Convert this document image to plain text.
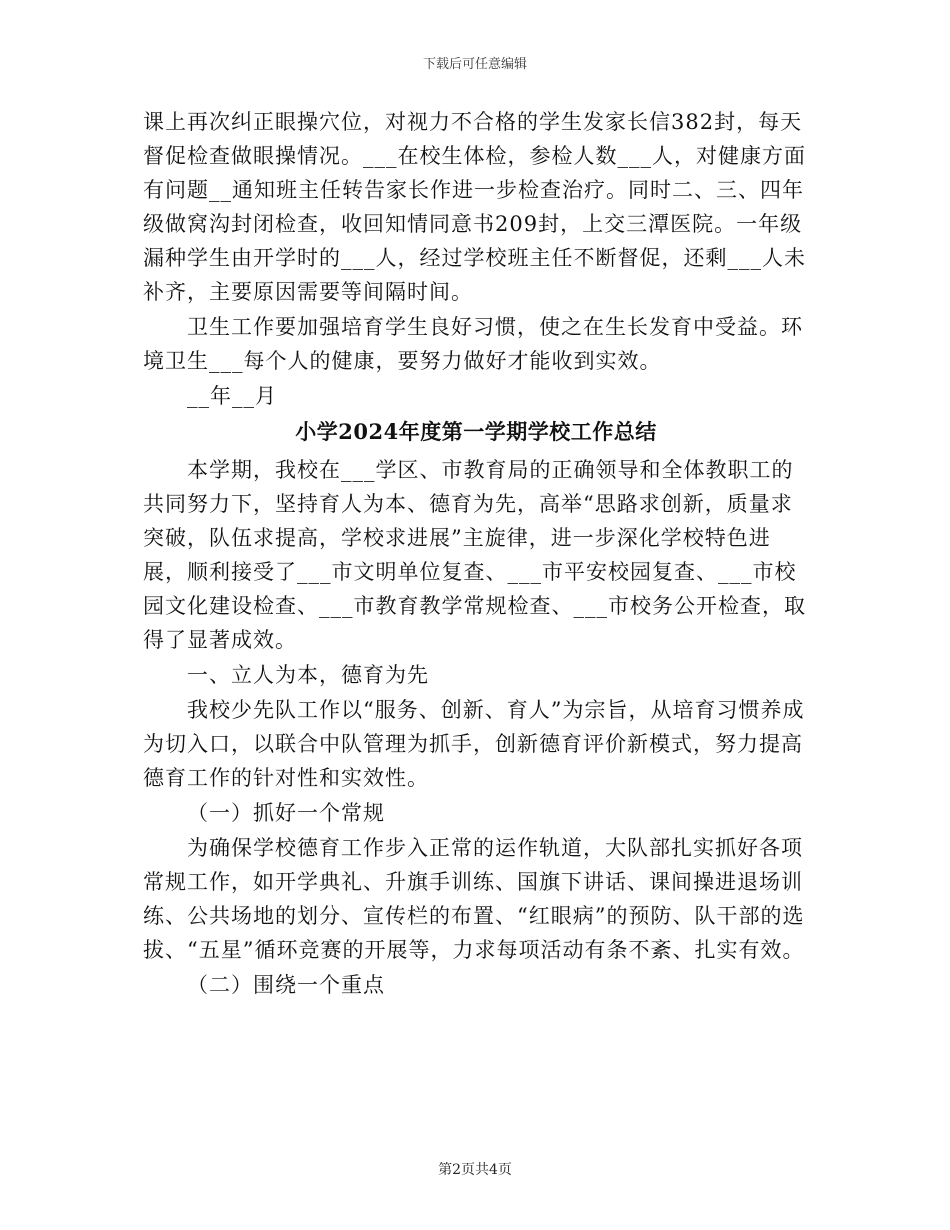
下载后可任意编辑

课上再次纠正眼操穴位，对视力不合格的学生发家长信382封，每天督促检查做眼操情况。___在校生体检，参检人数___人，对健康方面有问题__通知班主任转告家长作进一步检查治疗。同时二、三、四年级做窝沟封闭检查，收回知情同意书209封，上交三潭医院。一年级漏种学生由开学时的___人，经过学校班主任不断督促，还剩___人未补齐，主要原因需要等间隔时间。

卫生工作要加强培育学生良好习惯，使之在生长发育中受益。环境卫生___每个人的健康，要努力做好才能收到实效。

__年__月

小学2024年度第一学期学校工作总结

本学期，我校在___学区、市教育局的正确领导和全体教职工的共同努力下，坚持育人为本、德育为先，高举“思路求创新，质量求突破，队伍求提高，学校求进展”主旋律，进一步深化学校特色进展，顺利接受了___市文明单位复查、___市平安校园复查、___市校园文化建设检查、___市教育教学常规检查、___市校务公开检查，取得了显著成效。

一、立人为本，德育为先

我校少先队工作以“服务、创新、育人”为宗旨，从培育习惯养成为切入口，以联合中队管理为抓手，创新德育评价新模式，努力提高德育工作的针对性和实效性。

（一）抓好一个常规

为确保学校德育工作步入正常的运作轨道，大队部扎实抓好各项常规工作，如开学典礼、升旗手训练、国旗下讲话、课间操进退场训练、公共场地的划分、宣传栏的布置、“红眼病”的预防、队干部的选拔、“五星”循环竞赛的开展等，力求每项活动有条不紊、扎实有效。

（二）围绕一个重点

第2页共4页
